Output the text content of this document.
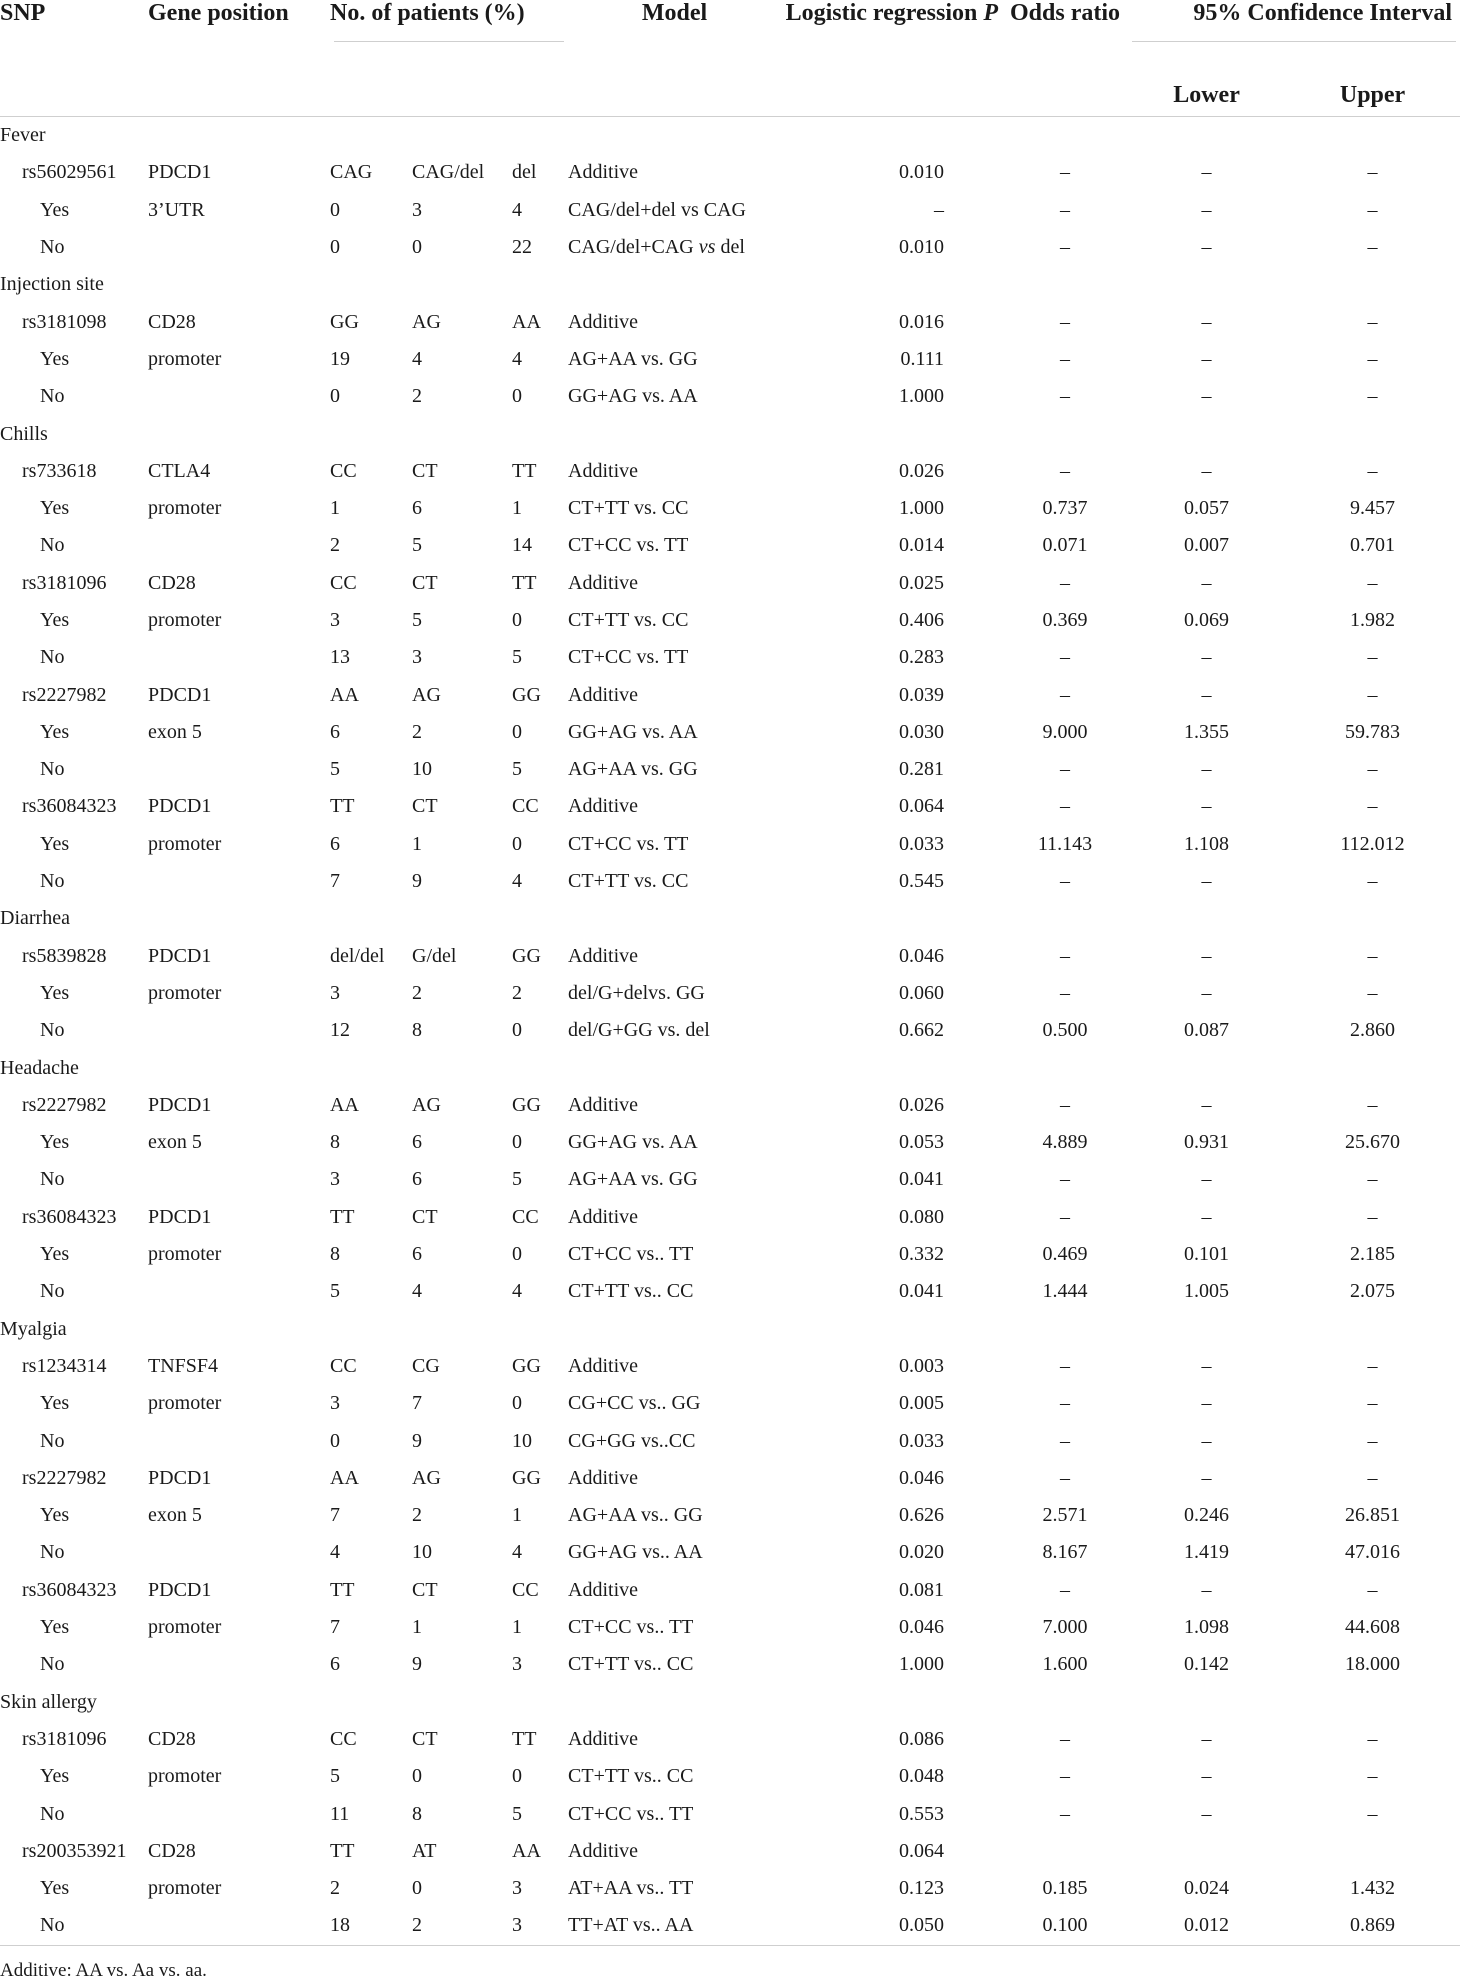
SNP	Gene position	No. of patients (%)			Model	Logistic regression P	Odds ratio	95% Confidence Interval	

								Lower	Upper
Fever									
rs56029561	PDCD1	CAG	CAG/del	del	Additive	0.010	–	–	–
Yes	3’UTR	0	3	4	CAG/del+del vs CAG	–	–	–	–
No		0	0	22	CAG/del+CAG vs del	0.010	–	–	–
Injection site									
rs3181098	CD28	GG	AG	AA	Additive	0.016	–	–	–
Yes	promoter	19	4	4	AG+AA vs. GG	0.111	–	–	–
No		0	2	0	GG+AG vs. AA	1.000	–	–	–
Chills									
rs733618	CTLA4	CC	CT	TT	Additive	0.026	–	–	–
Yes	promoter	1	6	1	CT+TT vs. CC	1.000	0.737	0.057	9.457
No		2	5	14	CT+CC vs. TT	0.014	0.071	0.007	0.701
rs3181096	CD28	CC	CT	TT	Additive	0.025	–	–	–
Yes	promoter	3	5	0	CT+TT vs. CC	0.406	0.369	0.069	1.982
No		13	3	5	CT+CC vs. TT	0.283	–	–	–
rs2227982	PDCD1	AA	AG	GG	Additive	0.039	–	–	–
Yes	exon 5	6	2	0	GG+AG vs. AA	0.030	9.000	1.355	59.783
No		5	10	5	AG+AA vs. GG	0.281	–	–	–
rs36084323	PDCD1	TT	CT	CC	Additive	0.064	–	–	–
Yes	promoter	6	1	0	CT+CC vs. TT	0.033	11.143	1.108	112.012
No		7	9	4	CT+TT vs. CC	0.545	–	–	–
Diarrhea									
rs5839828	PDCD1	del/del	G/del	GG	Additive	0.046	–	–	–
Yes	promoter	3	2	2	del/G+delvs. GG	0.060	–	–	–
No		12	8	0	del/G+GG vs. del	0.662	0.500	0.087	2.860
Headache									
rs2227982	PDCD1	AA	AG	GG	Additive	0.026	–	–	–
Yes	exon 5	8	6	0	GG+AG vs. AA	0.053	4.889	0.931	25.670
No		3	6	5	AG+AA vs. GG	0.041	–	–	–
rs36084323	PDCD1	TT	CT	CC	Additive	0.080	–	–	–
Yes	promoter	8	6	0	CT+CC vs.. TT	0.332	0.469	0.101	2.185
No		5	4	4	CT+TT vs.. CC	0.041	1.444	1.005	2.075
Myalgia									
rs1234314	TNFSF4	CC	CG	GG	Additive	0.003	–	–	–
Yes	promoter	3	7	0	CG+CC vs.. GG	0.005	–	–	–
No		0	9	10	CG+GG vs..CC	0.033	–	–	–
rs2227982	PDCD1	AA	AG	GG	Additive	0.046	–	–	–
Yes	exon 5	7	2	1	AG+AA vs.. GG	0.626	2.571	0.246	26.851
No		4	10	4	GG+AG vs.. AA	0.020	8.167	1.419	47.016
rs36084323	PDCD1	TT	CT	CC	Additive	0.081	–	–	–
Yes	promoter	7	1	1	CT+CC vs.. TT	0.046	7.000	1.098	44.608
No		6	9	3	CT+TT vs.. CC	1.000	1.600	0.142	18.000
Skin allergy									
rs3181096	CD28	CC	CT	TT	Additive	0.086	–	–	–
Yes	promoter	5	0	0	CT+TT vs.. CC	0.048	–	–	–
No		11	8	5	CT+CC vs.. TT	0.553	–	–	–
rs200353921	CD28	TT	AT	AA	Additive	0.064			
Yes	promoter	2	0	3	AT+AA vs.. TT	0.123	0.185	0.024	1.432
No		18	2	3	TT+AT vs.. AA	0.050	0.100	0.012	0.869
Additive: AA vs. Aa vs. aa.
